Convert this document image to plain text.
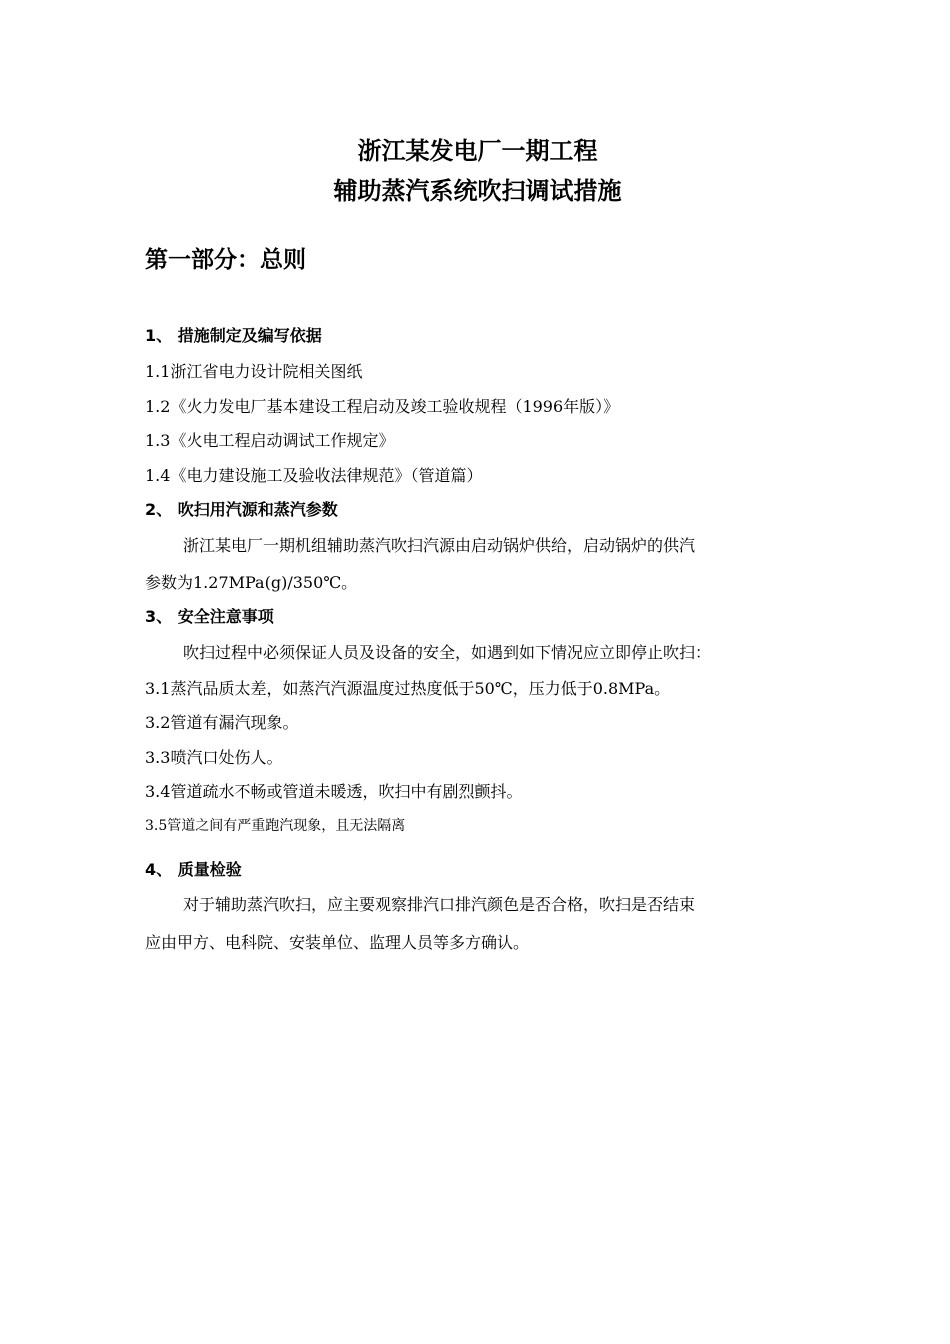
浙江某发电厂一期工程
辅助蒸汽系统吹扫调试措施
第一部分：总则
1、 措施制定及编写依据
1.1浙江省电力设计院相关图纸
1.2《火力发电厂基本建设工程启动及竣工验收规程（1996年版）》
1.3《火电工程启动调试工作规定》
1.4《电力建设施工及验收法律规范》（管道篇）
2、 吹扫用汽源和蒸汽参数
浙江某电厂一期机组辅助蒸汽吹扫汽源由启动锅炉供给，启动锅炉的供汽
参数为1.27MPa(g)/350℃。
3、 安全注意事项
吹扫过程中必须保证人员及设备的安全，如遇到如下情况应立即停止吹扫：
3.1蒸汽品质太差，如蒸汽汽源温度过热度低于50℃，压力低于0.8MPa。
3.2管道有漏汽现象。
3.3喷汽口处伤人。
3.4管道疏水不畅或管道未暖透，吹扫中有剧烈颤抖。
3.5管道之间有严重跑汽现象，且无法隔离
4、 质量检验
对于辅助蒸汽吹扫，应主要观察排汽口排汽颜色是否合格，吹扫是否结束
应由甲方、电科院、安装单位、监理人员等多方确认。
